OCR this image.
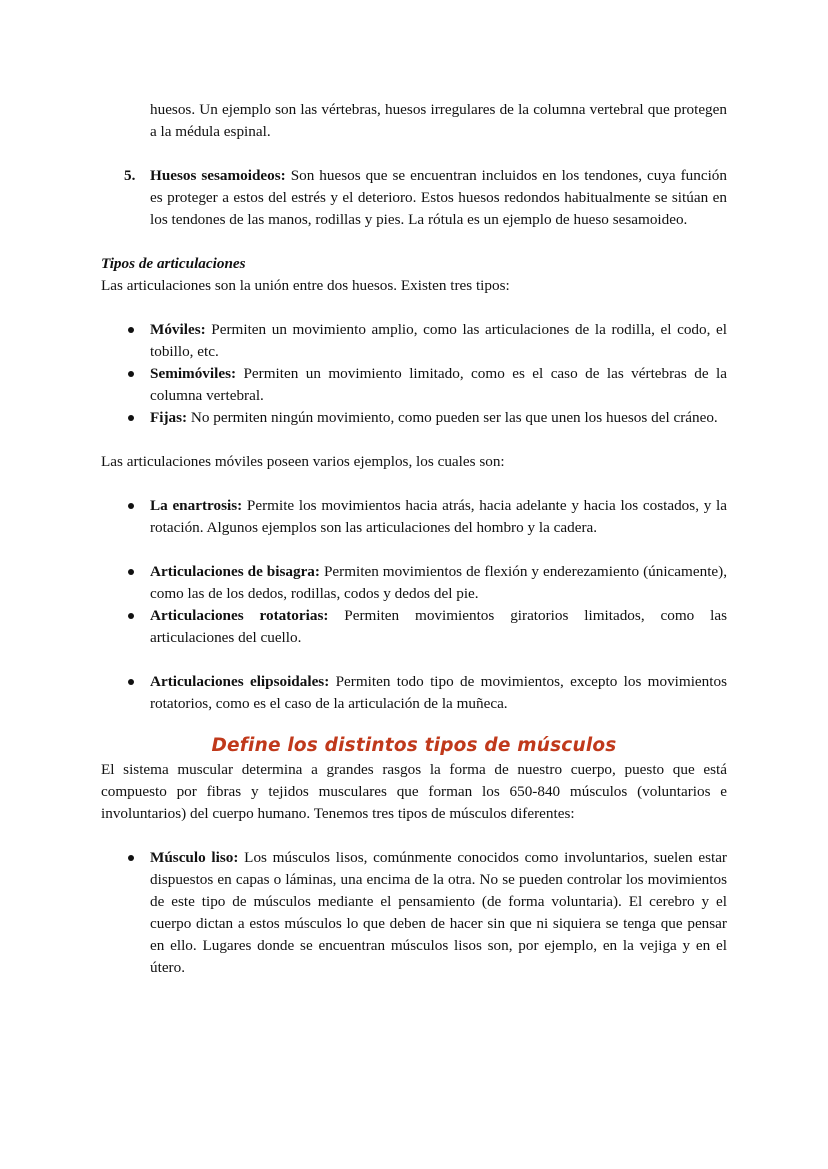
huesos. Un ejemplo son las vértebras, huesos irregulares de la columna vertebral que protegen a la médula espinal.

5. Huesos sesamoideos: Son huesos que se encuentran incluidos en los tendones, cuya función es proteger a estos del estrés y el deterioro. Estos huesos redondos habitualmente se sitúan en los tendones de las manos, rodillas y pies. La rótula es un ejemplo de hueso sesamoideo.

Tipos de articulaciones

Las articulaciones son la unión entre dos huesos. Existen tres tipos:

Móviles: Permiten un movimiento amplio, como las articulaciones de la rodilla, el codo, el tobillo, etc.
Semimóviles: Permiten un movimiento limitado, como es el caso de las vértebras de la columna vertebral.
Fijas: No permiten ningún movimiento, como pueden ser las que unen los huesos del cráneo.

Las articulaciones móviles poseen varios ejemplos, los cuales son:

La enartrosis: Permite los movimientos hacia atrás, hacia adelante y hacia los costados, y la rotación. Algunos ejemplos son las articulaciones del hombro y la cadera.
Articulaciones de bisagra: Permiten movimientos de flexión y enderezamiento (únicamente), como las de los dedos, rodillas, codos y dedos del pie.
Articulaciones rotatorias: Permiten movimientos giratorios limitados, como las articulaciones del cuello.
Articulaciones elipsoidales: Permiten todo tipo de movimientos, excepto los movimientos rotatorios, como es el caso de la articulación de la muñeca.
Define los distintos tipos de músculos

El sistema muscular determina a grandes rasgos la forma de nuestro cuerpo, puesto que está compuesto por fibras y tejidos musculares que forman los 650-840 músculos (voluntarios e involuntarios) del cuerpo humano. Tenemos tres tipos de músculos diferentes:

Músculo liso: Los músculos lisos, comúnmente conocidos como involuntarios, suelen estar dispuestos en capas o láminas, una encima de la otra. No se pueden controlar los movimientos de este tipo de músculos mediante el pensamiento (de forma voluntaria). El cerebro y el cuerpo dictan a estos músculos lo que deben de hacer sin que ni siquiera se tenga que pensar en ello. Lugares donde se encuentran músculos lisos son, por ejemplo, en la vejiga y en el útero.
